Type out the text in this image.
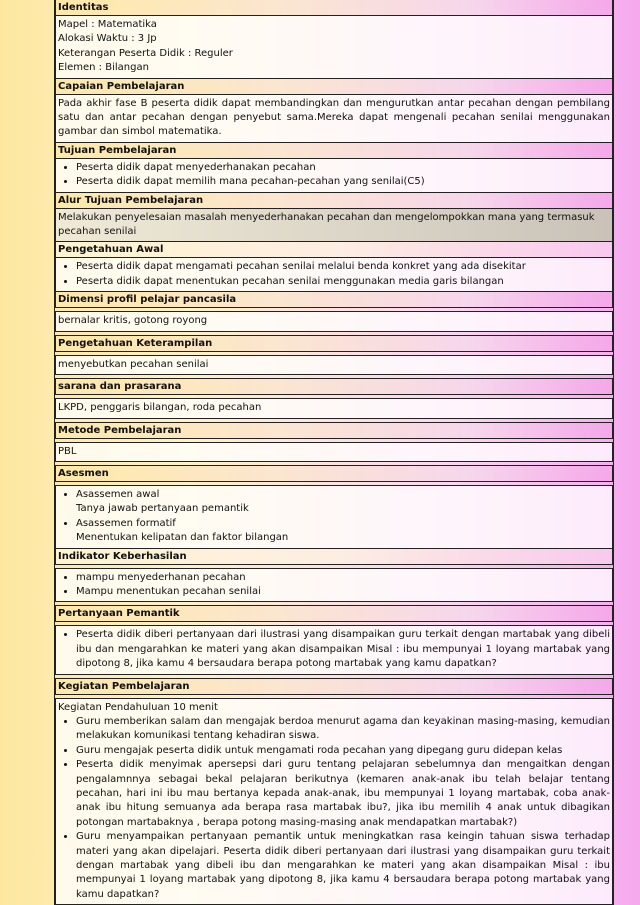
Identitas
Mapel : Matematika
Alokasi Waktu : 3 Jp
Keterangan Peserta Didik : Reguler
Elemen : Bilangan
Capaian Pembelajaran
Pada akhir fase B peserta didik dapat membandingkan dan mengurutkan antar pecahan dengan pembilang satu dan antar pecahan dengan penyebut sama.Mereka dapat mengenali pecahan senilai menggunakan gambar dan simbol matematika.
Tujuan Pembelajaran
• Peserta didik dapat menyederhanakan pecahan
• Peserta didik dapat memilih mana pecahan-pecahan yang senilai(C5)
Alur Tujuan Pembelajaran
Melakukan penyelesaian masalah menyederhanakan pecahan dan mengelompokkan mana yang termasuk pecahan senilai
Pengetahuan Awal
• Peserta didik dapat mengamati pecahan senilai melalui benda konkret yang ada disekitar
• Peserta didik dapat menentukan pecahan senilai menggunakan media garis bilangan
Dimensi profil pelajar pancasila
bernalar kritis, gotong royong
Pengetahuan Keterampilan
menyebutkan pecahan senilai
sarana dan prasarana
LKPD, penggaris bilangan, roda pecahan
Metode Pembelajaran
PBL
Asesmen
• Asassemen awal
Tanya jawab pertanyaan pemantik
• Asassemen formatif
Menentukan kelipatan dan faktor bilangan
Indikator Keberhasilan
• mampu menyederhanan pecahan
• Mampu menentukan pecahan senilai
Pertanyaan Pemantik
• Peserta didik diberi pertanyaan dari ilustrasi yang disampaikan guru terkait dengan martabak yang dibeli ibu dan mengarahkan ke materi yang akan disampaikan Misal : ibu mempunyai 1 loyang martabak yang dipotong 8, jika kamu 4 bersaudara berapa potong martabak yang kamu dapatkan?
Kegiatan Pembelajaran
Kegiatan Pendahuluan 10 menit
• Guru memberikan salam dan mengajak berdoa menurut agama dan keyakinan masing-masing, kemudian melakukan komunikasi tentang kehadiran siswa.
• Guru mengajak peserta didik untuk mengamati roda pecahan yang dipegang guru didepan kelas
• Peserta didik menyimak apersepsi dari guru tentang pelajaran sebelumnya dan mengaitkan dengan pengalamnnya sebagai bekal pelajaran berikutnya (kemaren anak-anak ibu telah belajar tentang pecahan, hari ini ibu mau bertanya kepada anak-anak, ibu mempunyai 1 loyang martabak, coba anak-anak ibu hitung semuanya ada berapa rasa martabak ibu?, jika ibu memilih 4 anak untuk dibagikan potongan martabaknya , berapa potong masing-masing anak mendapatkan martabak?)
• Guru menyampaikan pertanyaan pemantik untuk meningkatkan rasa keingin tahuan siswa terhadap materi yang akan dipelajari. Peserta didik diberi pertanyaan dari ilustrasi yang disampaikan guru terkait dengan martabak yang dibeli ibu dan mengarahkan ke materi yang akan disampaikan Misal : ibu mempunyai 1 loyang martabak yang dipotong 8, jika kamu 4 bersaudara berapa potong martabak yang kamu dapatkan?
